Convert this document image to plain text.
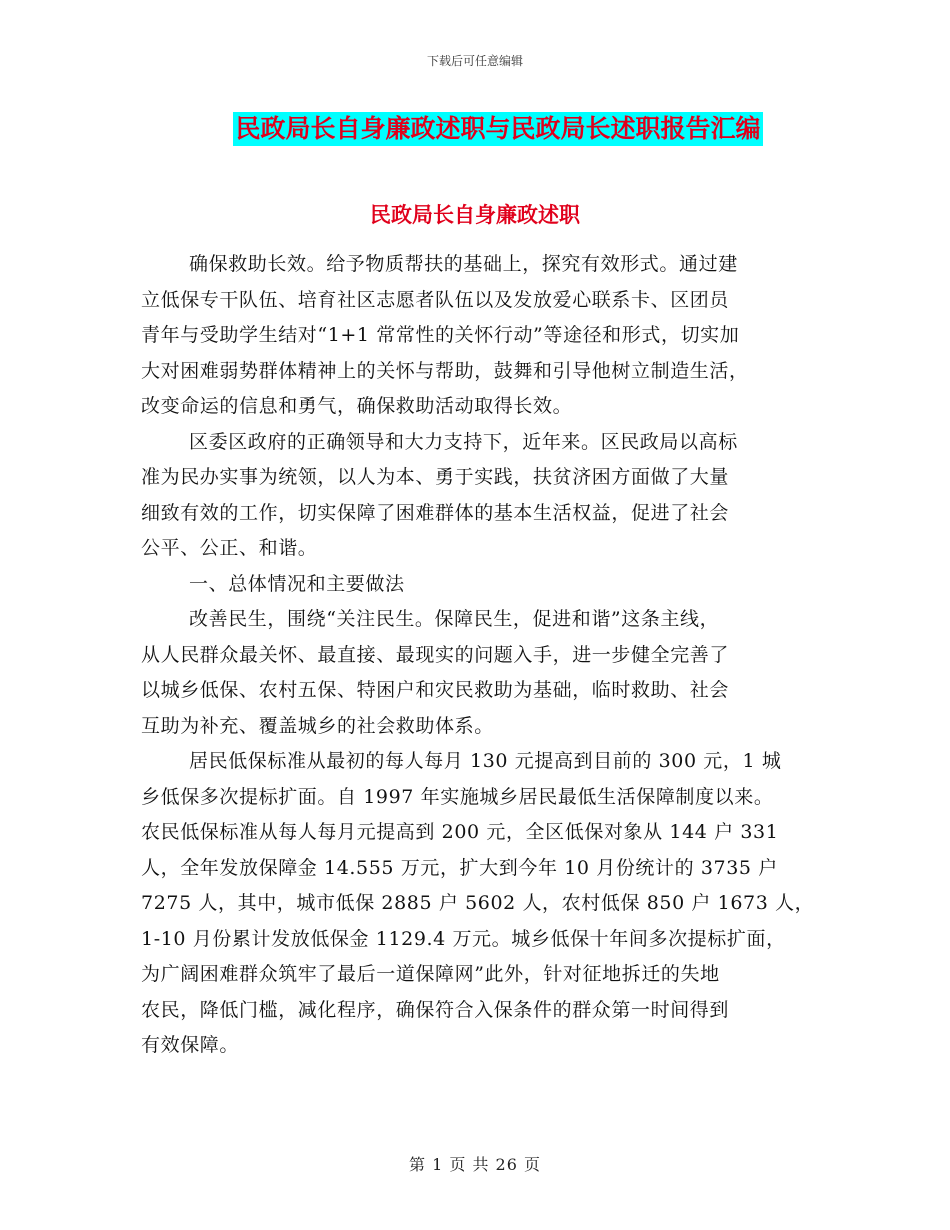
下载后可任意编辑
民政局长自身廉政述职与民政局长述职报告汇编
民政局长自身廉政述职

确保救助长效。给予物质帮扶的基础上，探究有效形式。通过建
立低保专干队伍、培育社区志愿者队伍以及发放爱心联系卡、区团员
青年与受助学生结对“1+1 常常性的关怀行动”等途径和形式，切实加
大对困难弱势群体精神上的关怀与帮助，鼓舞和引导他树立制造生活，
改变命运的信息和勇气，确保救助活动取得长效。

区委区政府的正确领导和大力支持下，近年来。区民政局以高标
准为民办实事为统领，以人为本、勇于实践，扶贫济困方面做了大量
细致有效的工作，切实保障了困难群体的基本生活权益，促进了社会
公平、公正、和谐。

一、总体情况和主要做法

改善民生，围绕“关注民生。保障民生，促进和谐”这条主线，
从人民群众最关怀、最直接、最现实的问题入手，进一步健全完善了
以城乡低保、农村五保、特困户和灾民救助为基础，临时救助、社会
互助为补充、覆盖城乡的社会救助体系。

居民低保标准从最初的每人每月 130 元提高到目前的 300 元，1 城
乡低保多次提标扩面。自 1997 年实施城乡居民最低生活保障制度以来。
农民低保标准从每人每月元提高到 200 元，全区低保对象从 144 户 331
人，全年发放保障金 14.555 万元，扩大到今年 10 月份统计的 3735 户
7275 人，其中，城市低保 2885 户 5602 人，农村低保 850 户 1673 人，
1-10 月份累计发放低保金 1129.4 万元。城乡低保十年间多次提标扩面，
为广阔困难群众筑牢了最后一道保障网”此外，针对征地拆迁的失地
农民，降低门槛，减化程序，确保符合入保条件的群众第一时间得到
有效保障。

第 1 页 共 26 页
